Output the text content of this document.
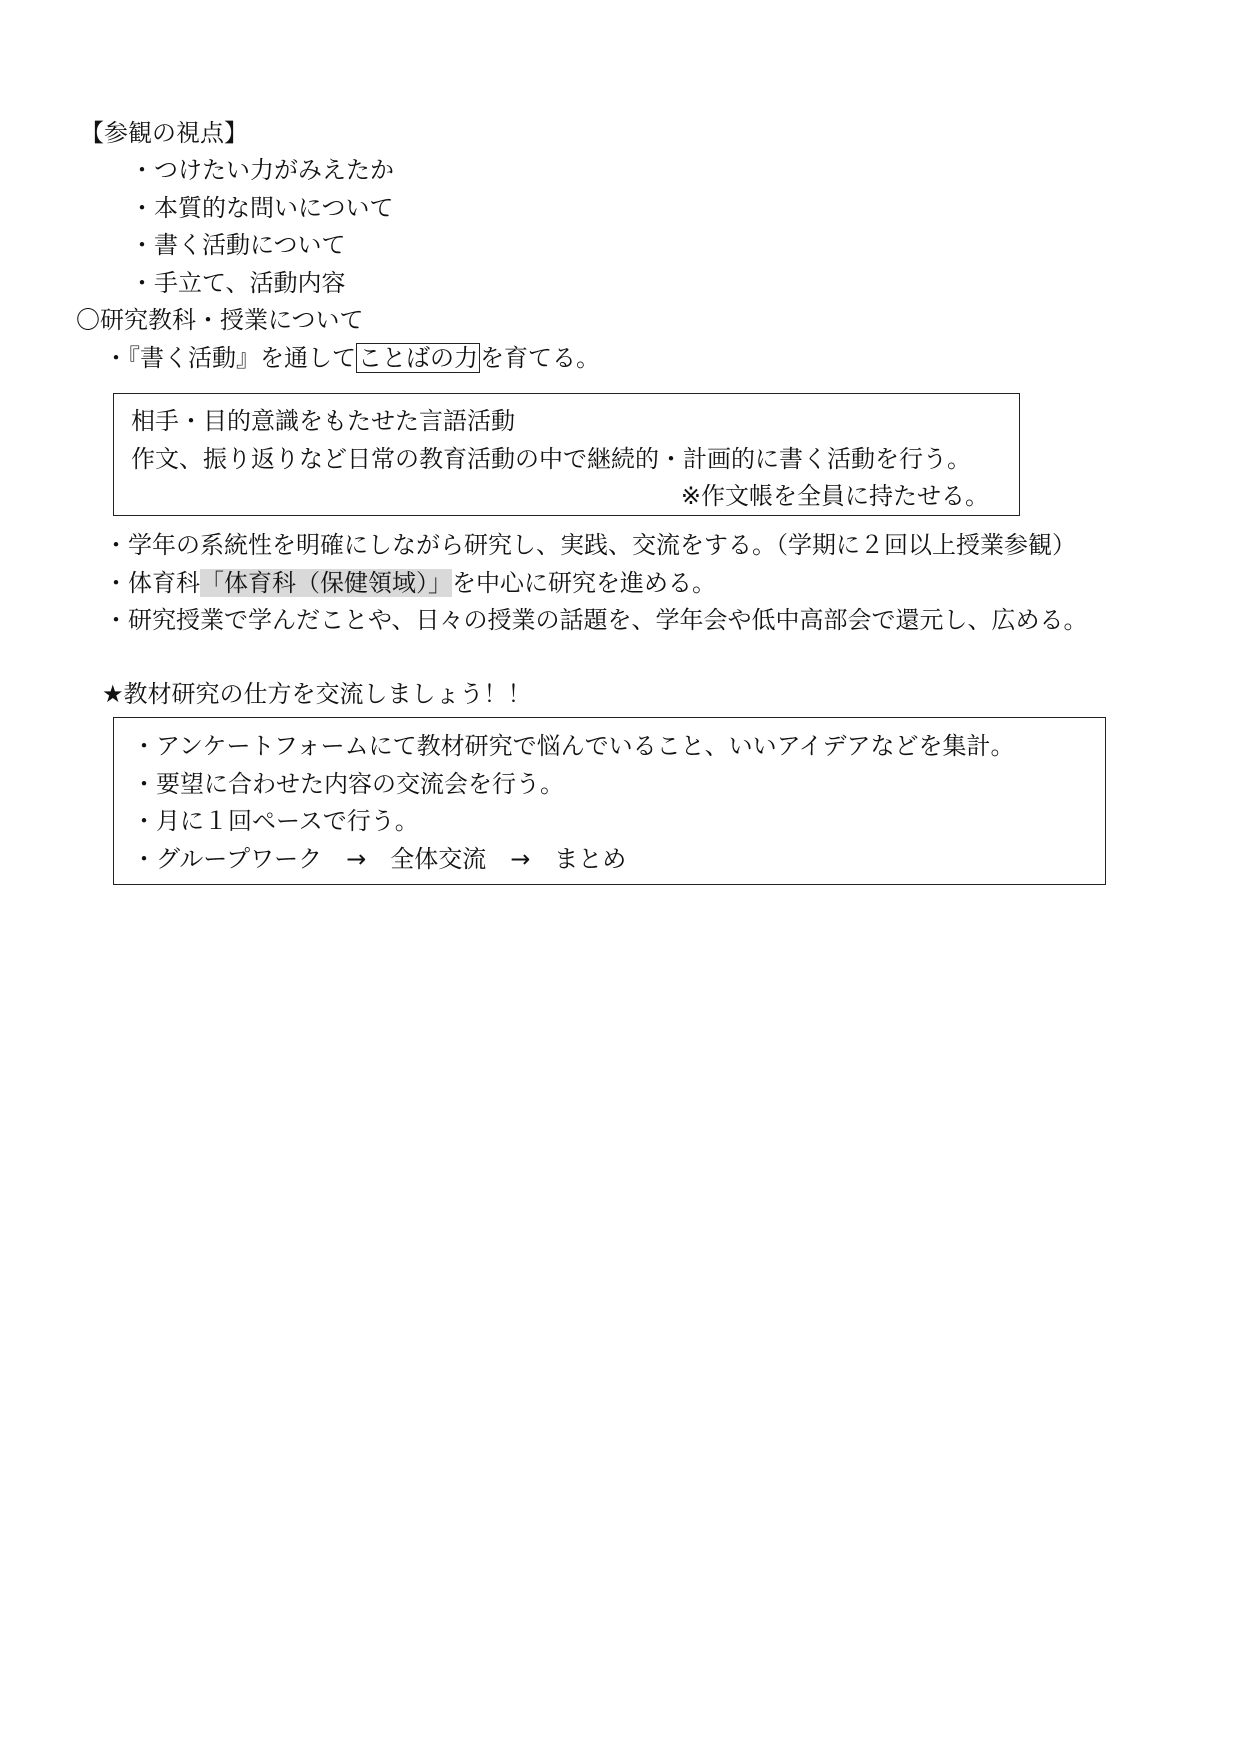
【参観の視点】
・つけたい力がみえたか
・本質的な問いについて
・書く活動について
・手立て、活動内容
〇研究教科・授業について
・『書く活動』を通してことばの力を育てる。
相手・目的意識をもたせた言語活動
作文、振り返りなど日常の教育活動の中で継続的・計画的に書く活動を行う。
※作文帳を全員に持たせる。
・学年の系統性を明確にしながら研究し、実践、交流をする。（学期に２回以上授業参観）
・体育科「体育科（保健領域）」を中心に研究を進める。
・研究授業で学んだことや、日々の授業の話題を、学年会や低中高部会で還元し、広める。
★教材研究の仕方を交流しましょう！！
・アンケートフォームにて教材研究で悩んでいること、いいアイデアなどを集計。
・要望に合わせた内容の交流会を行う。
・月に１回ペースで行う。
・グループワーク　→　全体交流　→　まとめ
